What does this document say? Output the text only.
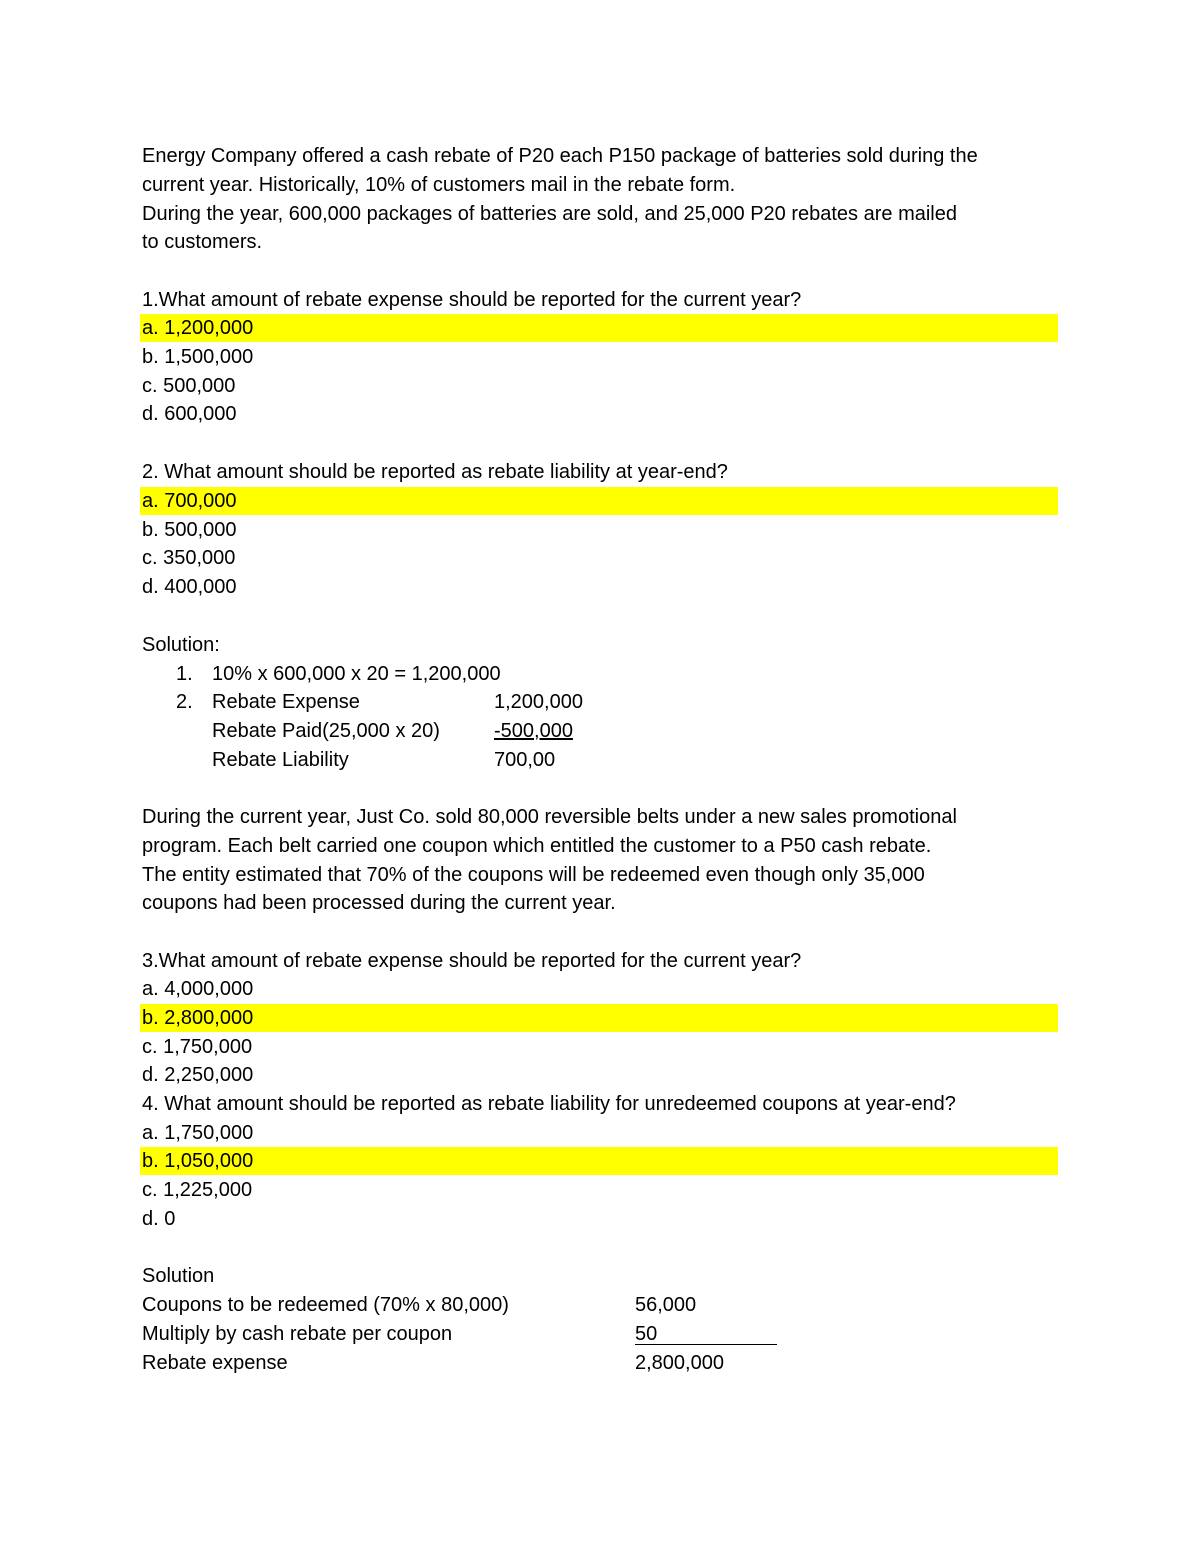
Energy Company offered a cash rebate of P20 each P150 package of batteries sold during the
current year. Historically, 10% of customers mail in the rebate form.
During the year, 600,000 packages of batteries are sold, and 25,000 P20 rebates are mailed
to customers.
1.What amount of rebate expense should be reported for the current year?
a. 1,200,000
b. 1,500,000
c. 500,000
d. 600,000
2. What amount should be reported as rebate liability at year-end?
a. 700,000
b. 500,000
c. 350,000
d. 400,000
Solution:
1. 10% x 600,000 x 20 = 1,200,000
2. Rebate Expense	1,200,000
Rebate Paid(25,000 x 20)	-500,000
Rebate Liability	700,00
During the current year, Just Co. sold 80,000 reversible belts under a new sales promotional
program. Each belt carried one coupon which entitled the customer to a P50 cash rebate.
The entity estimated that 70% of the coupons will be redeemed even though only 35,000
coupons had been processed during the current year.
3.What amount of rebate expense should be reported for the current year?
a. 4,000,000
b. 2,800,000
c. 1,750,000
d. 2,250,000
4. What amount should be reported as rebate liability for unredeemed coupons at year-end?
a. 1,750,000
b. 1,050,000
c. 1,225,000
d. 0
Solution
Coupons to be redeemed (70% x 80,000)	56,000
Multiply by cash rebate per coupon	50
Rebate expense	2,800,000
